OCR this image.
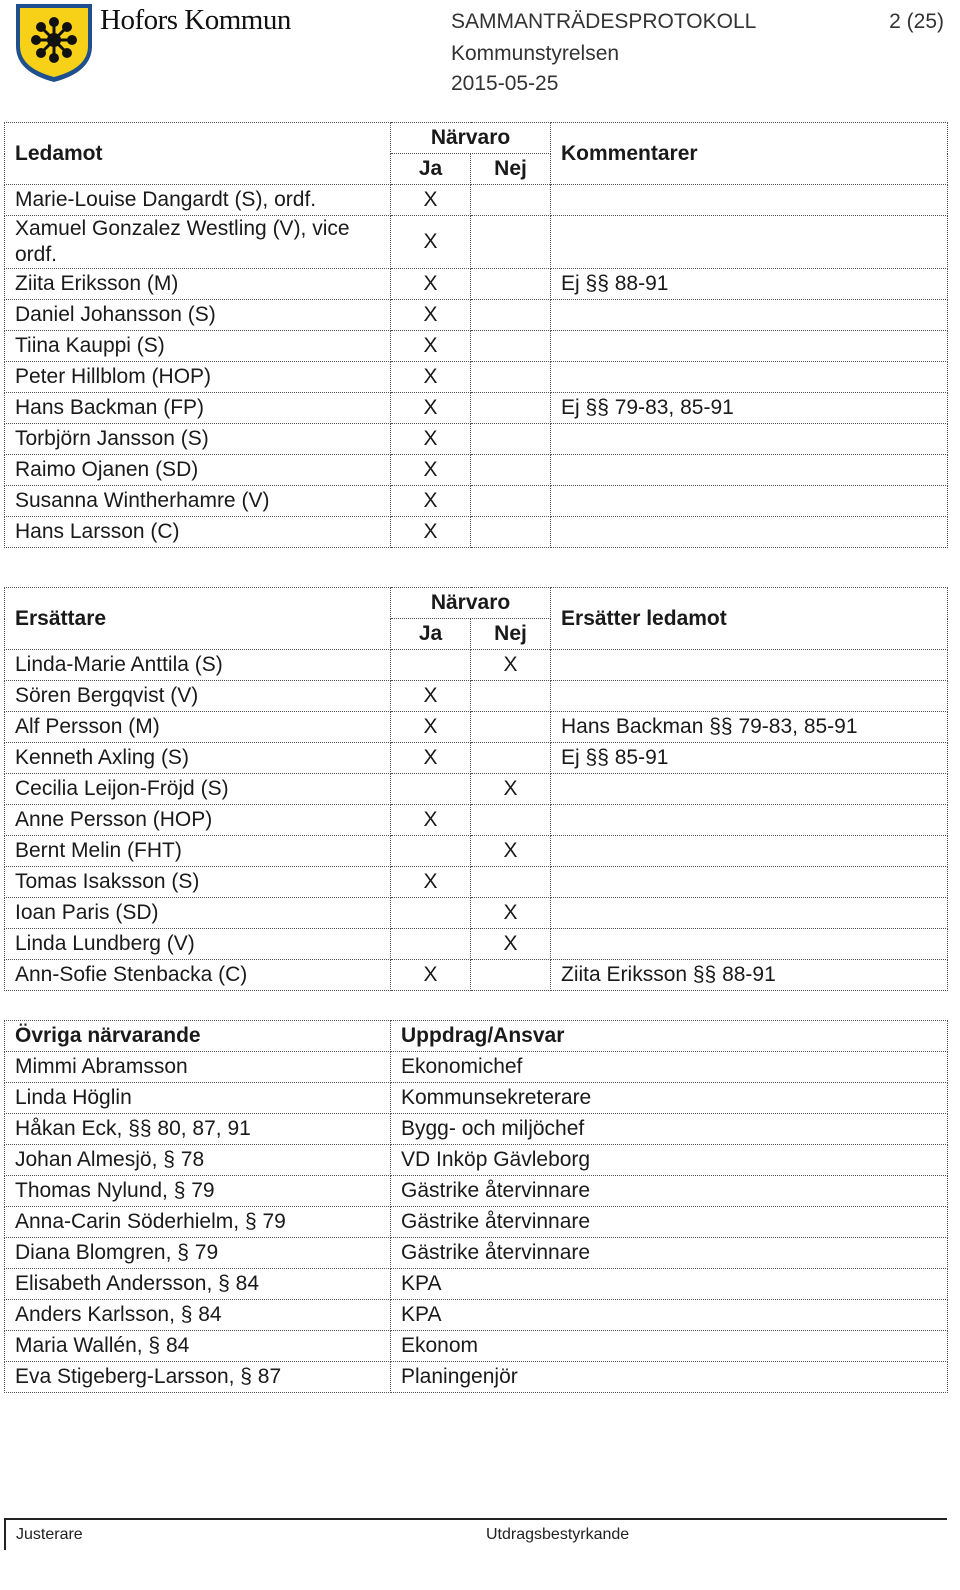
Hofors Kommun	SAMMANTRÄDESPROTOKOLL	2 (25)
Kommunstyrelsen
2015-05-25
Ledamot	Närvaro		Kommentarer
	Ja	Nej	
Marie-Louise Dangardt (S), ordf.	X		
Xamuel Gonzalez Westling (V), vice ordf.	X		
Ziita Eriksson (M)	X		Ej §§ 88-91
Daniel Johansson (S)	X		
Tiina Kauppi (S)	X		
Peter Hillblom (HOP)	X		
Hans Backman (FP)	X		Ej §§ 79-83, 85-91
Torbjörn Jansson (S)	X		
Raimo Ojanen (SD)	X		
Susanna Wintherhamre (V)	X		
Hans Larsson (C)	X		
Ersättare	Närvaro		Ersätter ledamot
	Ja	Nej	
Linda-Marie Anttila (S)		X	
Sören Bergqvist (V)	X		
Alf Persson (M)	X		Hans Backman §§ 79-83, 85-91
Kenneth Axling (S)	X		Ej §§ 85-91
Cecilia Leijon-Fröjd (S)		X	
Anne Persson (HOP)	X		
Bernt Melin (FHT)		X	
Tomas Isaksson (S)	X		
Ioan Paris (SD)		X	
Linda Lundberg (V)		X	
Ann-Sofie Stenbacka (C)	X		Ziita Eriksson §§ 88-91
Övriga närvarande	Uppdrag/Ansvar
Mimmi Abramsson	Ekonomichef
Linda Höglin	Kommunsekreterare
Håkan Eck, §§ 80, 87, 91	Bygg- och miljöchef
Johan Almesjö, § 78	VD Inköp Gävleborg
Thomas Nylund, § 79	Gästrike återvinnare
Anna-Carin Söderhielm, § 79	Gästrike återvinnare
Diana Blomgren, § 79	Gästrike återvinnare
Elisabeth Andersson, § 84	KPA
Anders Karlsson, § 84	KPA
Maria Wallén, § 84	Ekonom
Eva Stigeberg-Larsson, § 87	Planingenjör
Justerare	Utdragsbestyrkande
